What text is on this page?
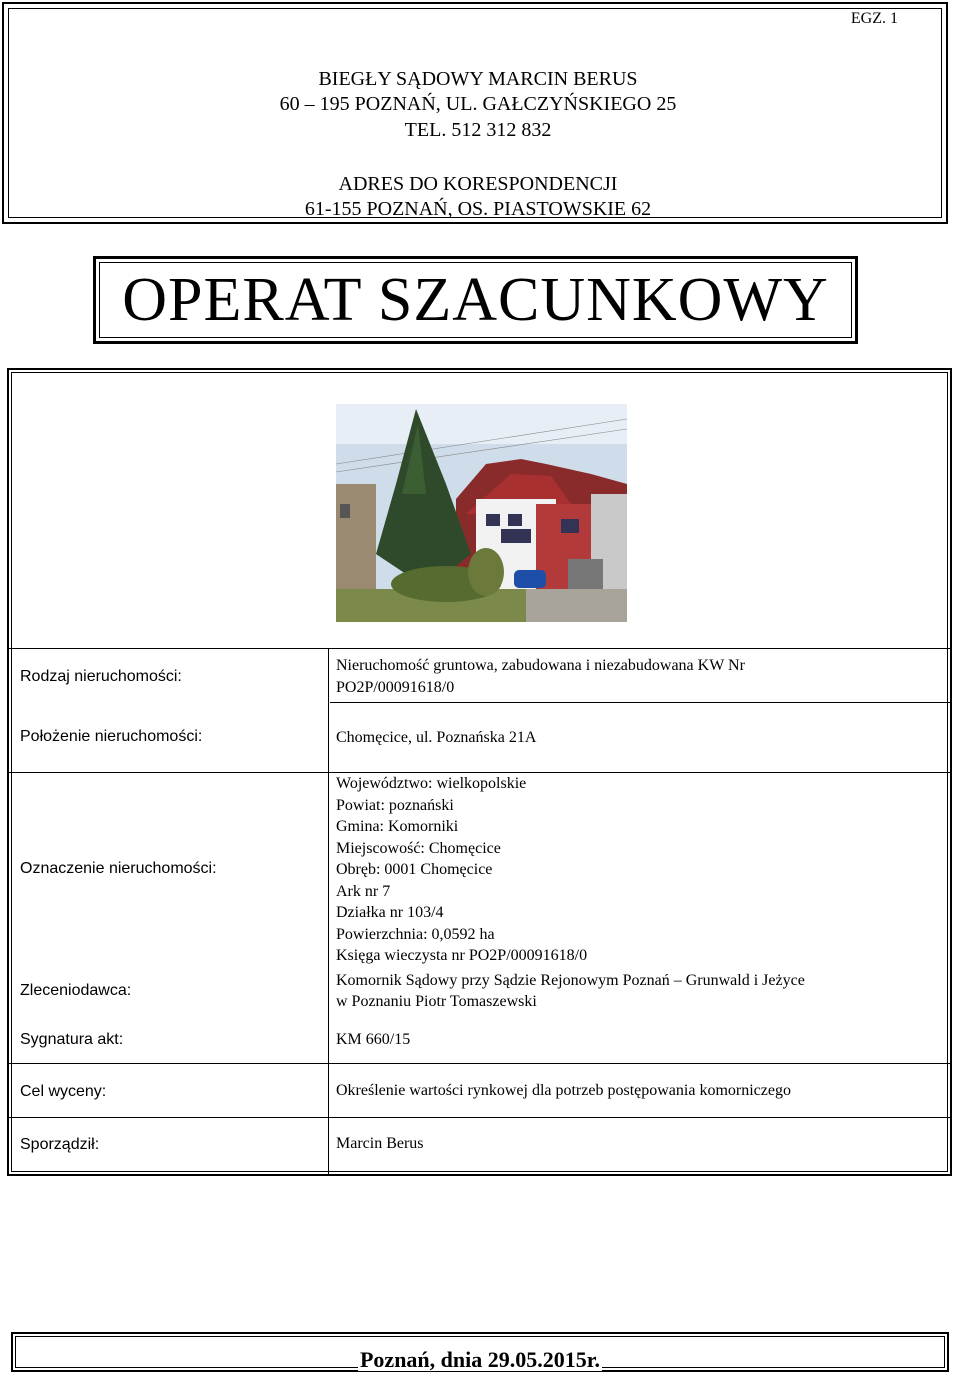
EGZ. 1
BIEGŁY SĄDOWY MARCIN BERUS
60 – 195 POZNAŃ, UL. GAŁCZYŃSKIEGO 25
TEL. 512 312 832
ADRES DO KORESPONDENCJI
61-155 POZNAŃ, OS. PIASTOWSKIE 62
OPERAT SZACUNKOWY
Rodzaj nieruchomości:
Nieruchomość gruntowa, zabudowana i niezabudowana KW Nr
PO2P/00091618/0
Położenie nieruchomości:	Chomęcice, ul. Poznańska 21A
Oznaczenie nieruchomości:
Województwo: wielkopolskie
Powiat: poznański
Gmina: Komorniki
Miejscowość: Chomęcice
Obręb: 0001 Chomęcice
Ark nr 7
Działka nr 103/4
Powierzchnia: 0,0592 ha
Księga wieczysta nr PO2P/00091618/0
Zleceniodawca:
Komornik Sądowy przy Sądzie Rejonowym Poznań – Grunwald i Jeżyce
w Poznaniu Piotr Tomaszewski
Sygnatura akt:	KM 660/15
Cel wyceny:	Określenie wartości rynkowej dla potrzeb postępowania komorniczego
Sporządził:	Marcin Berus
Poznań, dnia 29.05.2015r.
